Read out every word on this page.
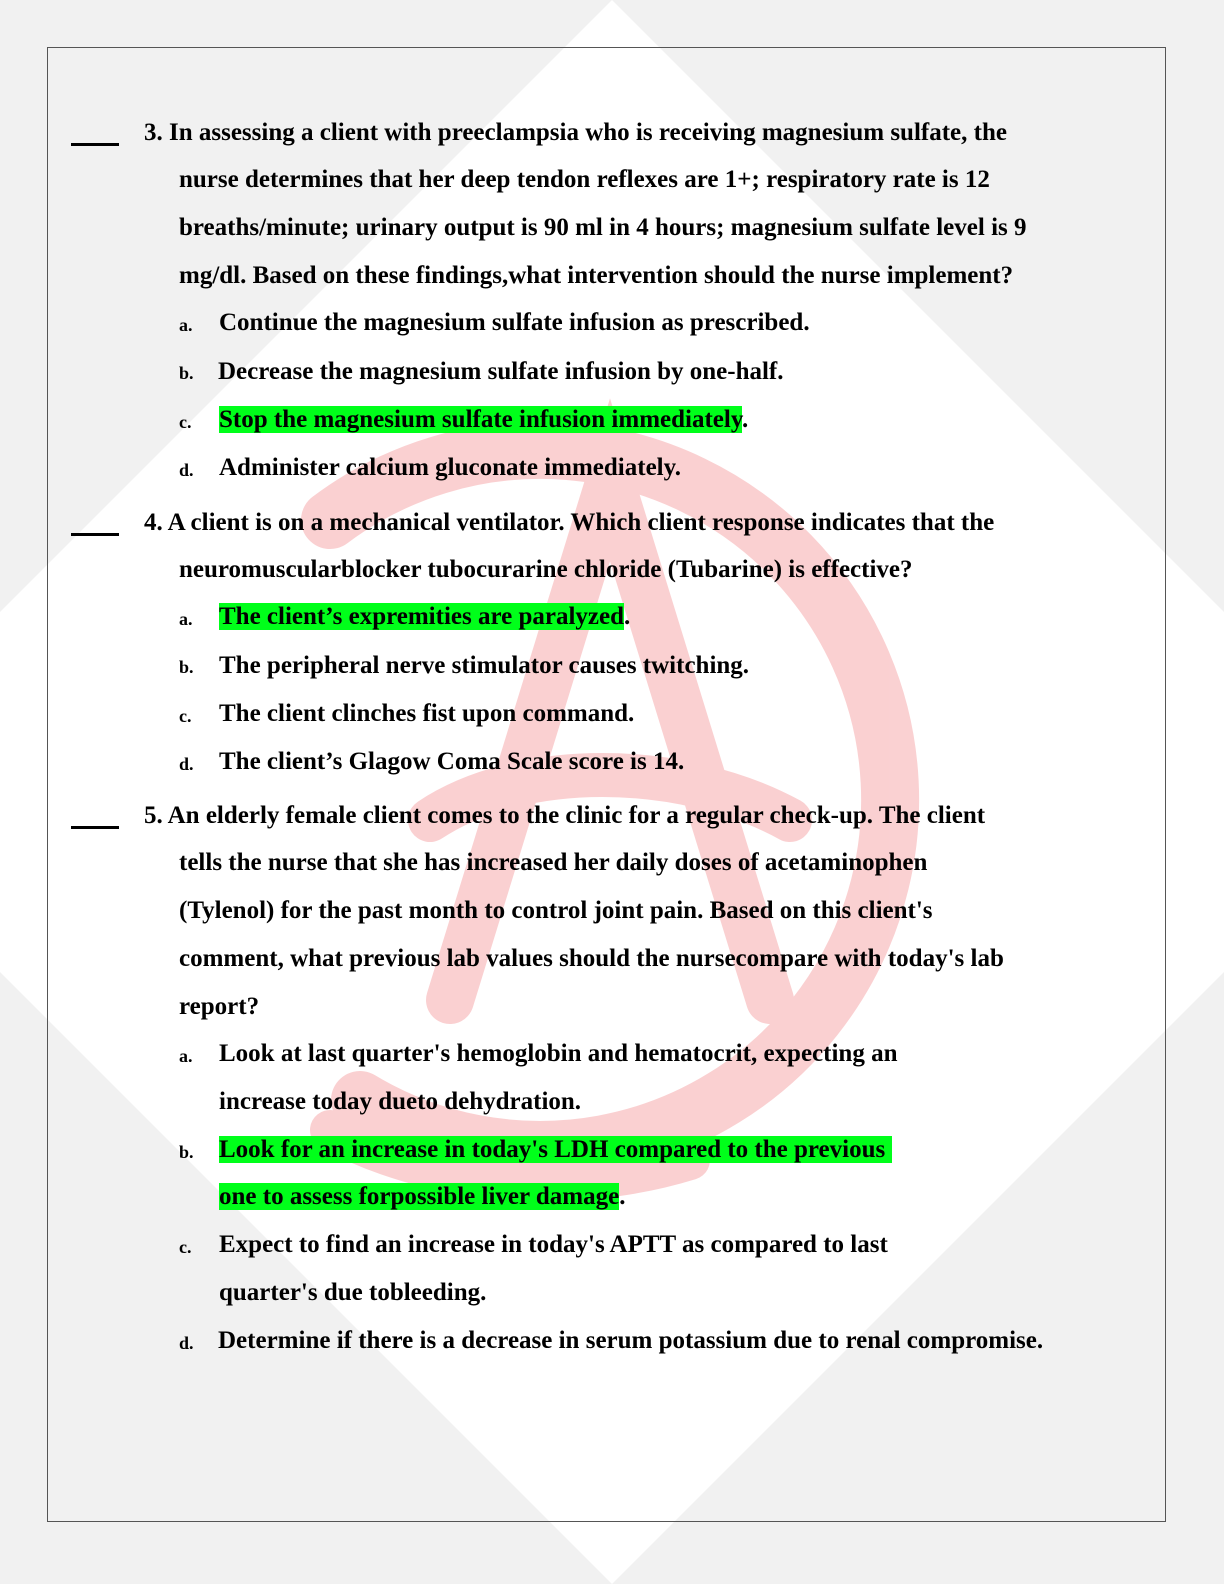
3. In assessing a client with preeclampsia who is receiving magnesium sulfate, the
nurse determines that her deep tendon reflexes are 1+; respiratory rate is 12
breaths/minute; urinary output is 90 ml in 4 hours; magnesium sulfate level is 9
mg/dl. Based on these findings,what intervention should the nurse implement?
a. Continue the magnesium sulfate infusion as prescribed.
b. Decrease the magnesium sulfate infusion by one-half.
c. Stop the magnesium sulfate infusion immediately.
d. Administer calcium gluconate immediately.
4. A client is on a mechanical ventilator. Which client response indicates that the
neuromuscularblocker tubocurarine chloride (Tubarine) is effective?
a. The client’s expremities are paralyzed.
b. The peripheral nerve stimulator causes twitching.
c. The client clinches fist upon command.
d. The client’s Glagow Coma Scale score is 14.
5. An elderly female client comes to the clinic for a regular check-up. The client
tells the nurse that she has increased her daily doses of acetaminophen
(Tylenol) for the past month to control joint pain. Based on this client's
comment, what previous lab values should the nursecompare with today's lab
report?
a. Look at last quarter's hemoglobin and hematocrit, expecting an
increase today dueto dehydration.
b. Look for an increase in today's LDH compared to the previous
one to assess forpossible liver damage.
c. Expect to find an increase in today's APTT as compared to last
quarter's due tobleeding.
d. Determine if there is a decrease in serum potassium due to renal compromise.
